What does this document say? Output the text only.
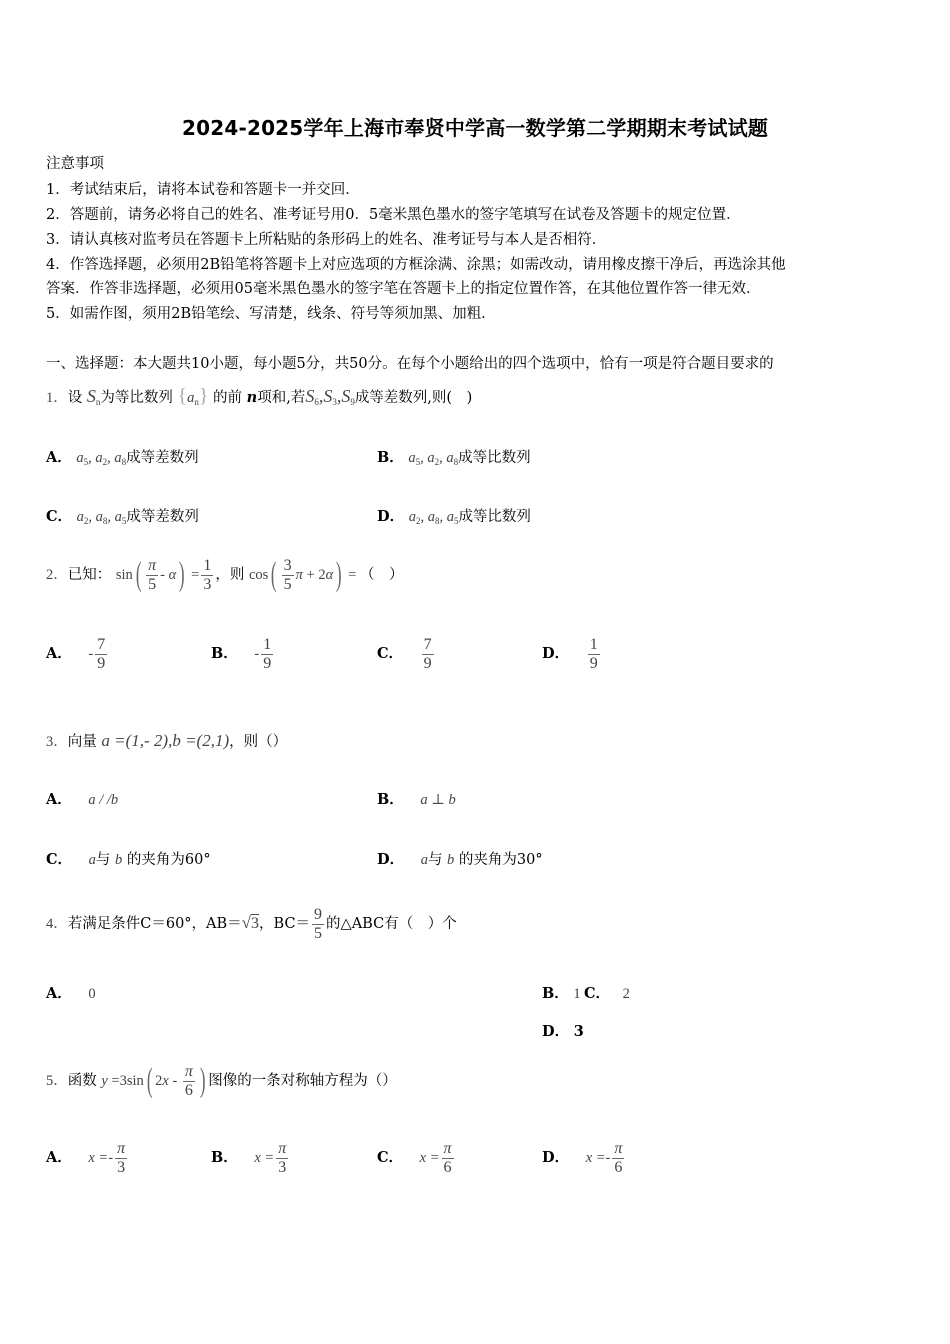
2024-2025学年上海市奉贤中学高一数学第二学期期末考试试题
注意事项
1．考试结束后，请将本试卷和答题卡一并交回．
2．答题前，请务必将自己的姓名、准考证号用0．5毫米黑色墨水的签字笔填写在试卷及答题卡的规定位置．
3．请认真核对监考员在答题卡上所粘贴的条形码上的姓名、准考证号与本人是否相符．
4．作答选择题，必须用2B铅笔将答题卡上对应选项的方框涂满、涂黑；如需改动，请用橡皮擦干净后，再选涂其他
答案．作答非选择题，必须用05毫米黑色墨水的签字笔在答题卡上的指定位置作答，在其他位置作答一律无效．
5．如需作图，须用2B铅笔绘、写清楚，线条、符号等须加黑、加粗．
一、选择题：本大题共10小题，每小题5分，共50分。在每个小题给出的四个选项中，恰有一项是符合题目要求的
1．设 $S_n$为等比数列 $\{a_n\}$ 的前 n项和,若$S_6,S_3,S_9$成等差数列,则(　)
A． $a_5$, $a_2$, $a_8$成等差数列	B． $a_5$, $a_2$, $a_8$成等比数列
C． $a_2$, $a_8$, $a_5$成等差数列	D． $a_2$, $a_8$, $a_5$成等比数列
2．已知： $\sin( \frac{\pi}{5} - \alpha) = \frac{1}{3}$ ，则 $\cos( \frac{3}{5}$ π + 2α) = （　）
A． - $\frac{7}{9}$	B． - $\frac{1}{9}$	C． $\frac{7}{9}$	D． $\frac{1}{9}$
3．向量 a =(1,- 2),b =(2,1)，则（）
A． a / /b	B． a ⊥ b
C． a与 b 的夹角为60°	D． a与 b 的夹角为30°
4．若满足条件C＝60°，AB＝√3，$BC= \frac{9}{5}$ 的△ABC有（　）个
A． 0	B． 1 C． 2
D． 3
5．函数 y =3sin( $2x - \frac{\pi}{6}$ ) 图像的一条对称轴方程为（）
A． $x =- \frac{\pi}{3}$	B． $x = \frac{\pi}{3}$	C． $x = \frac{\pi}{6}$	D． $x =- \frac{\pi}{6}$
